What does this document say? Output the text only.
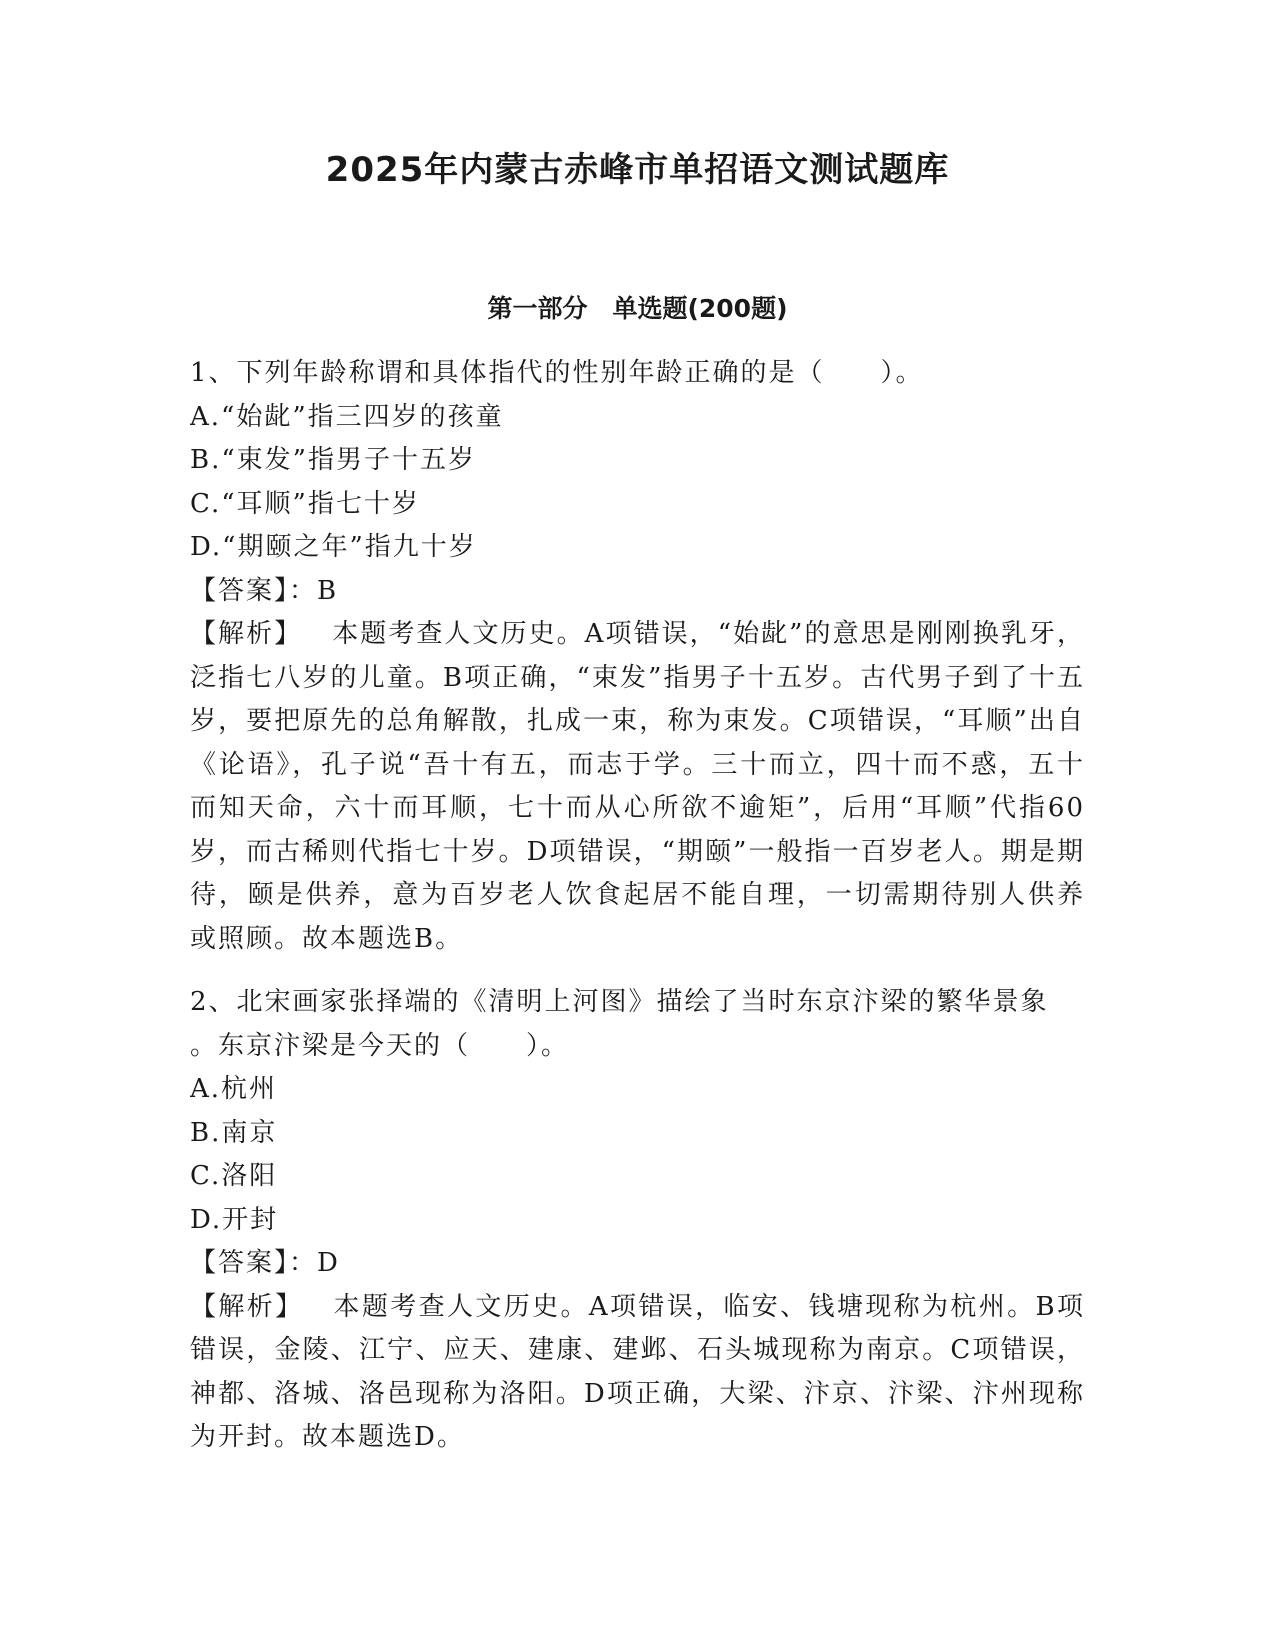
2025年内蒙古赤峰市单招语文测试题库
第一部分　单选题(200题)
1、下列年龄称谓和具体指代的性别年龄正确的是（　　）。
A.“始龀”指三四岁的孩童
B.“束发”指男子十五岁
C.“耳顺”指七十岁
D.“期颐之年”指九十岁
【答案】：B
【解析】 本题考查人文历史。A项错误，“始龀”的意思是刚刚换乳牙，泛指七八岁的儿童。B项正确，“束发”指男子十五岁。古代男子到了十五岁，要把原先的总角解散，扎成一束，称为束发。C项错误，“耳顺”出自《论语》，孔子说“吾十有五，而志于学。三十而立，四十而不惑，五十而知天命，六十而耳顺，七十而从心所欲不逾矩”，后用“耳顺”代指60岁，而古稀则代指七十岁。D项错误，“期颐”一般指一百岁老人。期是期待，颐是供养，意为百岁老人饮食起居不能自理，一切需期待别人供养或照顾。故本题选B。
2、北宋画家张择端的《清明上河图》描绘了当时东京汴梁的繁华景象
。东京汴梁是今天的（　　）。
A.杭州
B.南京
C.洛阳
D.开封
【答案】：D
【解析】 本题考查人文历史。A项错误，临安、钱塘现称为杭州。B项错误，金陵、江宁、应天、建康、建邺、石头城现称为南京。C项错误，神都、洛城、洛邑现称为洛阳。D项正确，大梁、汴京、汴梁、汴州现称为开封。故本题选D。
